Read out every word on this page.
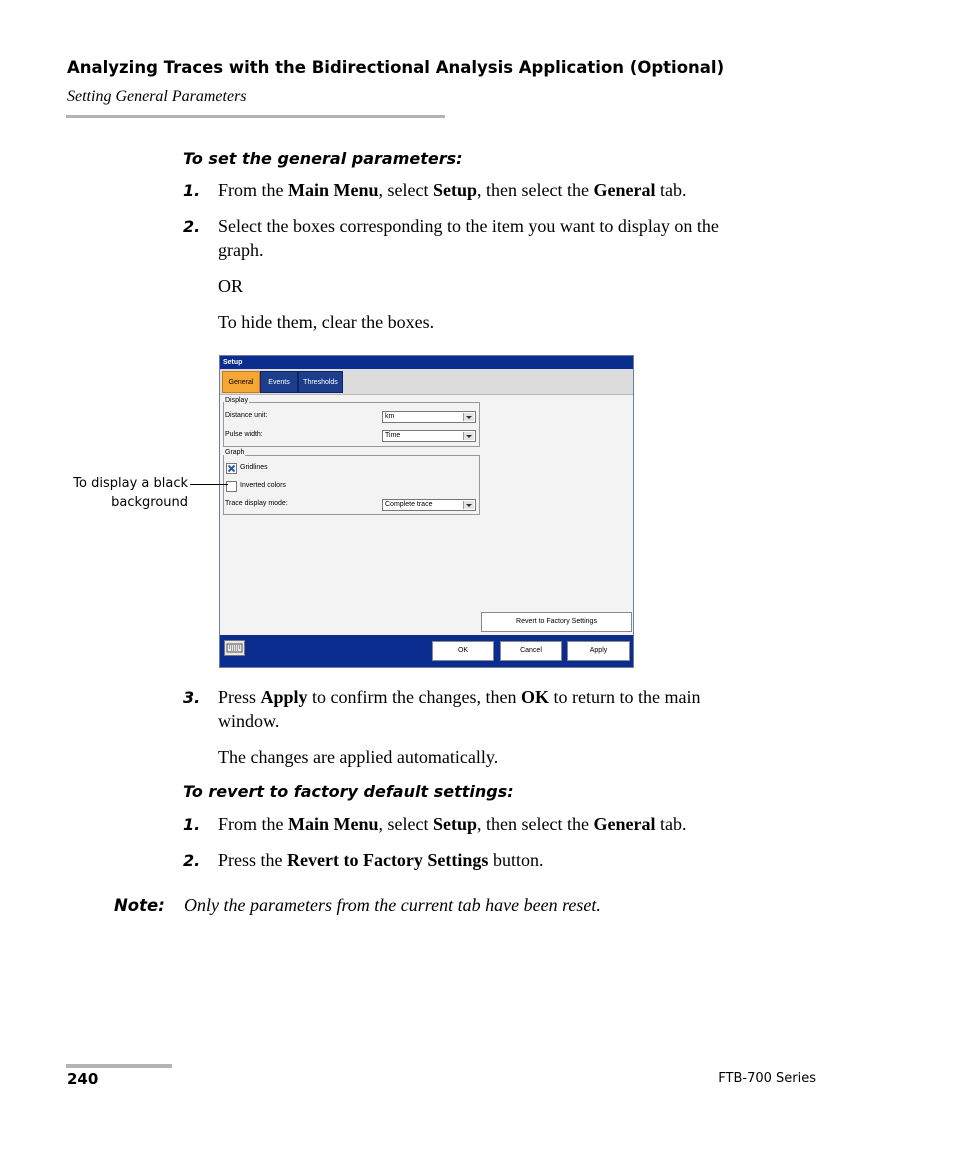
Analyzing Traces with the Bidirectional Analysis Application (Optional)
Setting General Parameters
To set the general parameters:
1. From the Main Menu, select Setup, then select the General tab.
2. Select the boxes corresponding to the item you want to display on the
graph.
OR
To hide them, clear the boxes.
Setup
General	Events	Thresholds
Display
Distance unit:	km
Pulse width:	Time
Graph
Gridlines
Inverted colors
Trace display mode:	Complete trace
Revert to Factory Settings
OK	Cancel	Apply
To display a black
background
3. Press Apply to confirm the changes, then OK to return to the main
window.
The changes are applied automatically.
To revert to factory default settings:
1. From the Main Menu, select Setup, then select the General tab.
2. Press the Revert to Factory Settings button.
Note: Only the parameters from the current tab have been reset.
240	FTB-700 Series
